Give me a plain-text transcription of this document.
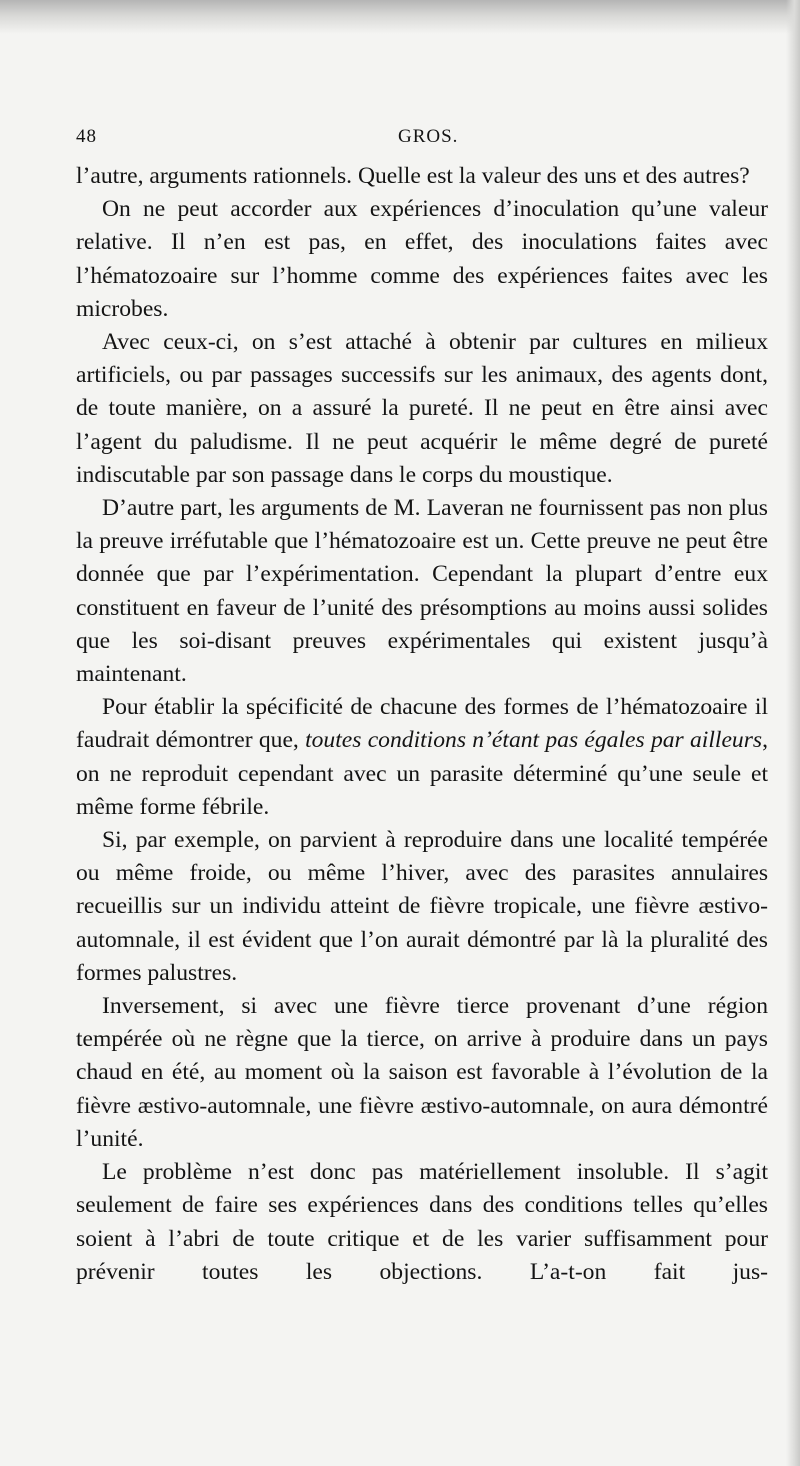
48	GROS.

l’autre, arguments rationnels. Quelle est la valeur des uns et des autres?

On ne peut accorder aux expériences d’inoculation qu’une valeur relative. Il n’en est pas, en effet, des inoculations faites avec l’hématozoaire sur l’homme comme des expériences faites avec les microbes.

Avec ceux-ci, on s’est attaché à obtenir par cultures en milieux artificiels, ou par passages successifs sur les animaux, des agents dont, de toute manière, on a assuré la pureté. Il ne peut en être ainsi avec l’agent du paludisme. Il ne peut acquérir le même degré de pureté indiscutable par son passage dans le corps du moustique.

D’autre part, les arguments de M. Laveran ne fournissent pas non plus la preuve irréfutable que l’hématozoaire est un. Cette preuve ne peut être donnée que par l’expérimentation. Cependant la plupart d’entre eux constituent en faveur de l’unité des présomptions au moins aussi solides que les soi-disant preuves expérimentales qui existent jusqu’à maintenant.

Pour établir la spécificité de chacune des formes de l’hématozoaire il faudrait démontrer que, toutes conditions n’étant pas égales par ailleurs, on ne reproduit cependant avec un parasite déterminé qu’une seule et même forme fébrile.

Si, par exemple, on parvient à reproduire dans une localité tempérée ou même froide, ou même l’hiver, avec des parasites annulaires recueillis sur un individu atteint de fièvre tropicale, une fièvre æstivo-automnale, il est évident que l’on aurait démontré par là la pluralité des formes palustres.

Inversement, si avec une fièvre tierce provenant d’une région tempérée où ne règne que la tierce, on arrive à produire dans un pays chaud en été, au moment où la saison est favorable à l’évolution de la fièvre æstivo-automnale, une fièvre æstivo-automnale, on aura démontré l’unité.

Le problème n’est donc pas matériellement insoluble. Il s’agit seulement de faire ses expériences dans des conditions telles qu’elles soient à l’abri de toute critique et de les varier suffisamment pour prévenir toutes les objections. L’a-t-on fait jus-
